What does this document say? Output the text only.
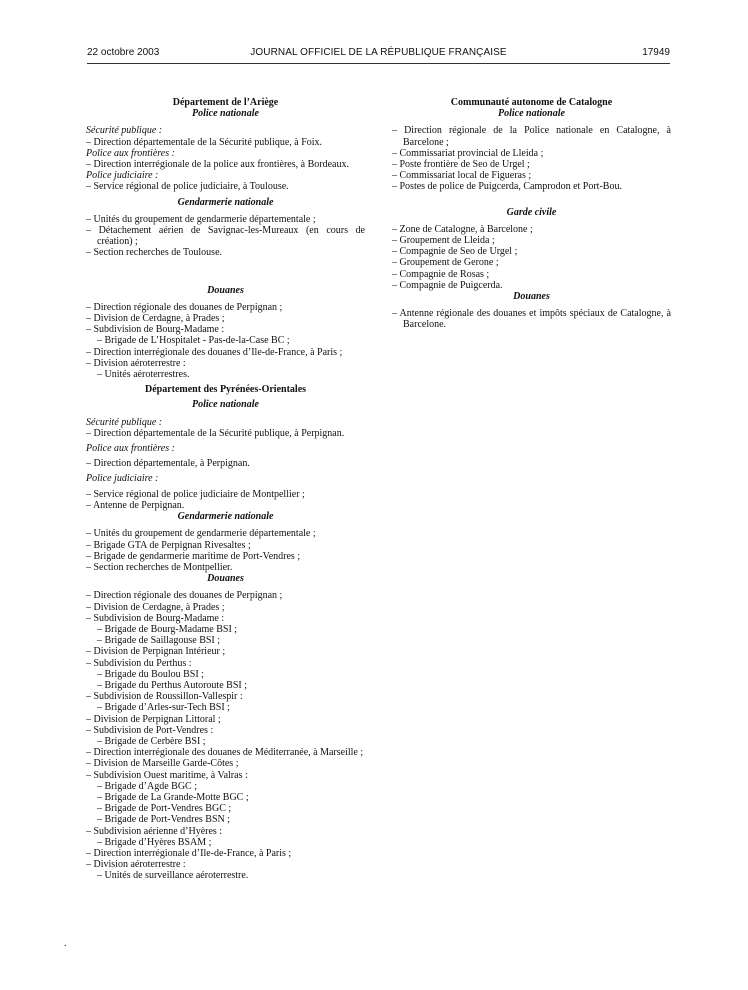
22 octobre 2003	JOURNAL OFFICIEL DE LA RÉPUBLIQUE FRANÇAISE	17949

Département de l’Ariège

Police nationale

Sécurité publique :

– Direction départementale de la Sécurité publique, à Foix.

Police aux frontières :

– Direction interrégionale de la police aux frontières, à Bordeaux.

Police judiciaire :

– Service régional de police judiciaire, à Toulouse.

Gendarmerie nationale

– Unités du groupement de gendarmerie départementale ;

– Détachement aérien de Savignac-les-Mureaux (en cours de création) ;

– Section recherches de Toulouse.

Douanes

– Direction régionale des douanes de Perpignan ;

– Division de Cerdagne, à Prades ;

– Subdivision de Bourg-Madame :

– Brigade de L’Hospitalet - Pas-de-la-Case BC ;

– Direction interrégionale des douanes d’Ile-de-France, à Paris ;

– Division aéroterrestre :

– Unités aéroterrestres.

Département des Pyrénées-Orientales

Police nationale

Sécurité publique :

– Direction départementale de la Sécurité publique, à Perpignan.

Police aux frontières :

– Direction départementale, à Perpignan.

Police judiciaire :

– Service régional de police judiciaire de Montpellier ;

– Antenne de Perpignan.

Gendarmerie nationale

– Unités du groupement de gendarmerie départementale ;

– Brigade GTA de Perpignan Rivesaltes ;

– Brigade de gendarmerie maritime de Port-Vendres ;

– Section recherches de Montpellier.

Douanes

– Direction régionale des douanes de Perpignan ;

– Division de Cerdagne, à Prades ;

– Subdivision de Bourg-Madame :

– Brigade de Bourg-Madame BSI ;

– Brigade de Saillagouse BSI ;

– Division de Perpignan Intérieur ;

– Subdivision du Perthus :

– Brigade du Boulou BSI ;

– Brigade du Perthus Autoroute BSI ;

– Subdivision de Roussillon-Vallespir :

– Brigade d’Arles-sur-Tech BSI ;

– Division de Perpignan Littoral ;

– Subdivision de Port-Vendres :

– Brigade de Cerbère BSI ;

– Direction interrégionale des douanes de Méditerranée, à Marseille ;

– Division de Marseille Garde-Côtes ;

– Subdivision Ouest maritime, à Valras :

– Brigade d’Agde BGC ;

– Brigade de La Grande-Motte BGC ;

– Brigade de Port-Vendres BGC ;

– Brigade de Port-Vendres BSN ;

– Subdivision aérienne d’Hyères :

– Brigade d’Hyères BSAM ;

– Direction interrégionale d’Ile-de-France, à Paris ;

– Division aéroterrestre :

– Unités de surveillance aéroterrestre.

.

Communauté autonome de Catalogne

Police nationale

– Direction régionale de la Police nationale en Catalogne, à Barcelone ;

– Commissariat provincial de Lleida ;

– Poste frontière de Seo de Urgel ;

– Commissariat local de Figueras ;

– Postes de police de Puigcerda, Camprodon et Port-Bou.

Garde civile

– Zone de Catalogne, à Barcelone ;

– Groupement de Lleida ;

– Compagnie de Seo de Urgel ;

– Groupement de Gerone ;

– Compagnie de Rosas ;

– Compagnie de Puigcerda.

Douanes

– Antenne régionale des douanes et impôts spéciaux de Catalogne, à Barcelone.
